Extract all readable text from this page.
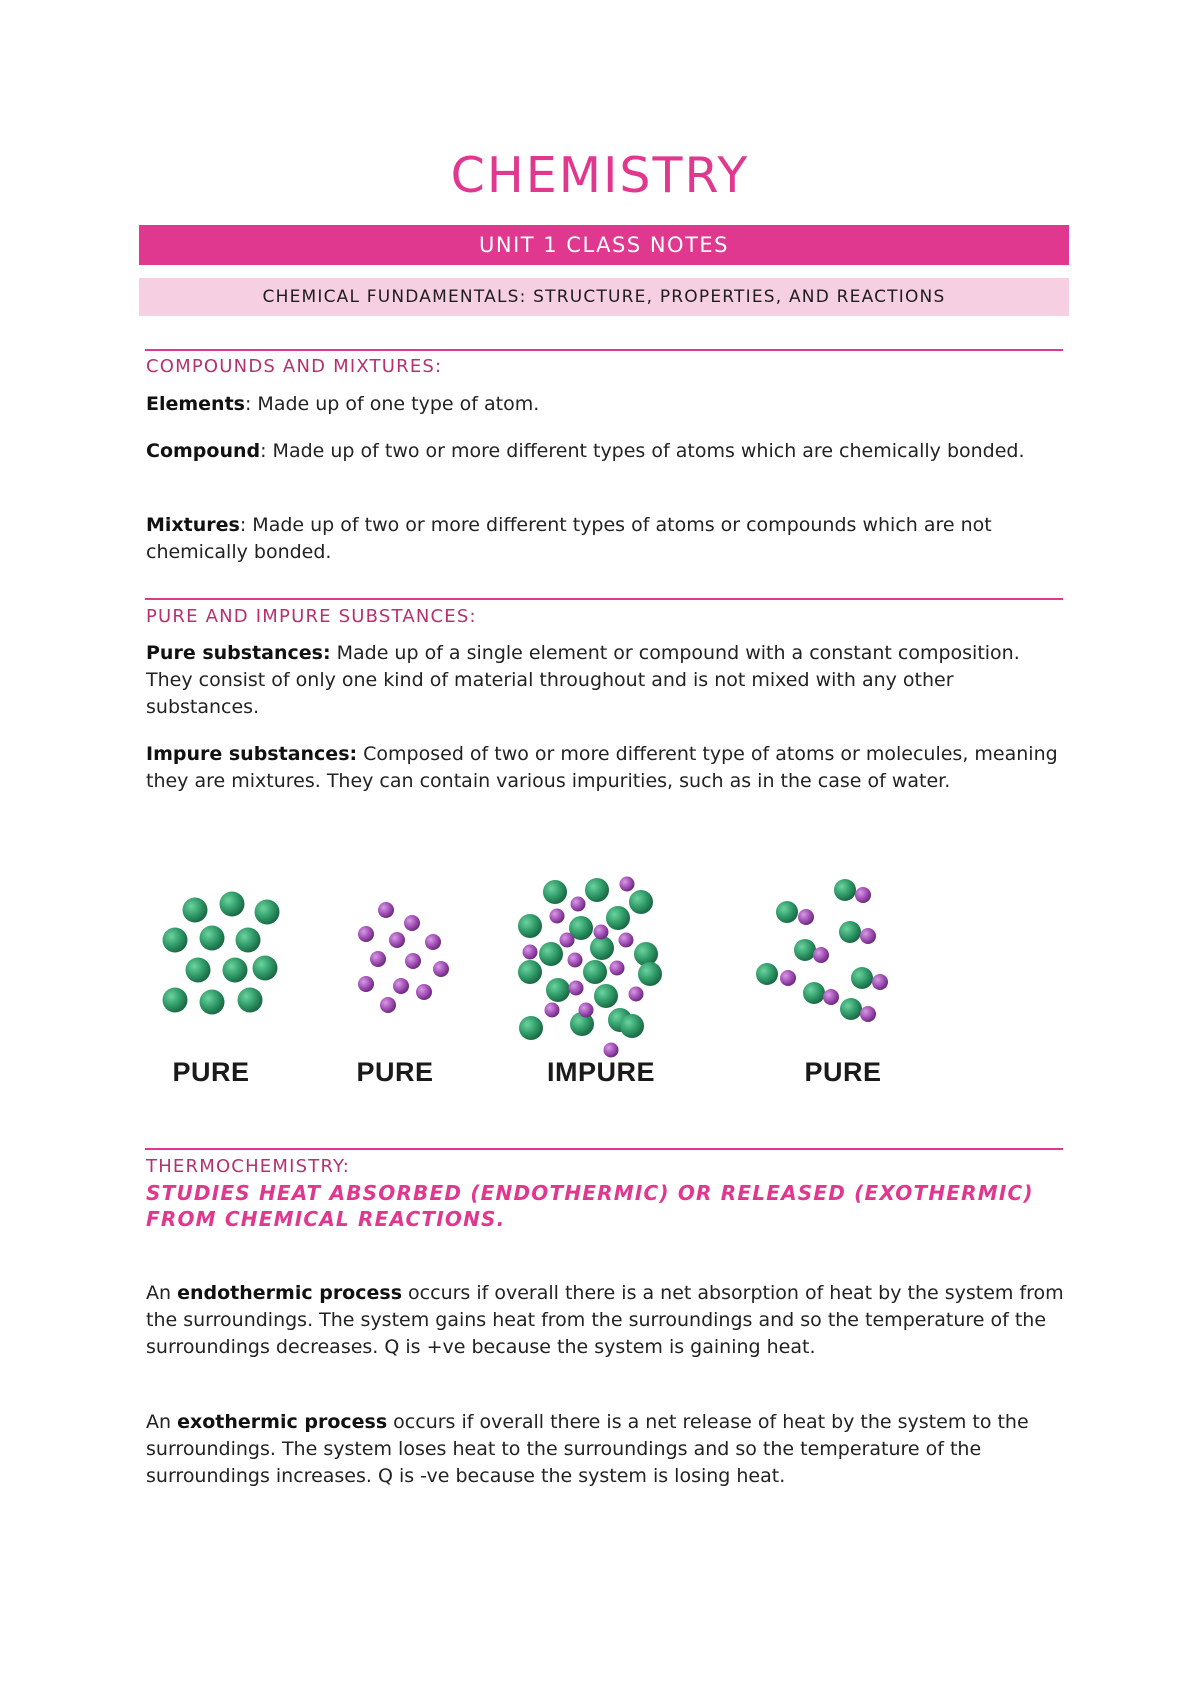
CHEMISTRY
UNIT 1 CLASS NOTES
CHEMICAL FUNDAMENTALS: STRUCTURE, PROPERTIES, AND REACTIONS
COMPOUNDS AND MIXTURES:
Elements: Made up of one type of atom.
Compound: Made up of two or more different types of atoms which are chemically bonded.
Mixtures: Made up of two or more different types of atoms or compounds which are not chemically bonded.
PURE AND IMPURE SUBSTANCES:
Pure substances: Made up of a single element or compound with a constant composition. They consist of only one kind of material throughout and is not mixed with any other substances.
Impure substances: Composed of two or more different type of atoms or molecules, meaning they are mixtures. They can contain various impurities, such as in the case of water.
PURE	PURE	IMPURE	PURE
THERMOCHEMISTRY:
STUDIES HEAT ABSORBED (ENDOTHERMIC) OR RELEASED (EXOTHERMIC) FROM CHEMICAL REACTIONS.
An endothermic process occurs if overall there is a net absorption of heat by the system from the surroundings. The system gains heat from the surroundings and so the temperature of the surroundings decreases. Q is +ve because the system is gaining heat.
An exothermic process occurs if overall there is a net release of heat by the system to the surroundings. The system loses heat to the surroundings and so the temperature of the surroundings increases. Q is -ve because the system is losing heat.
